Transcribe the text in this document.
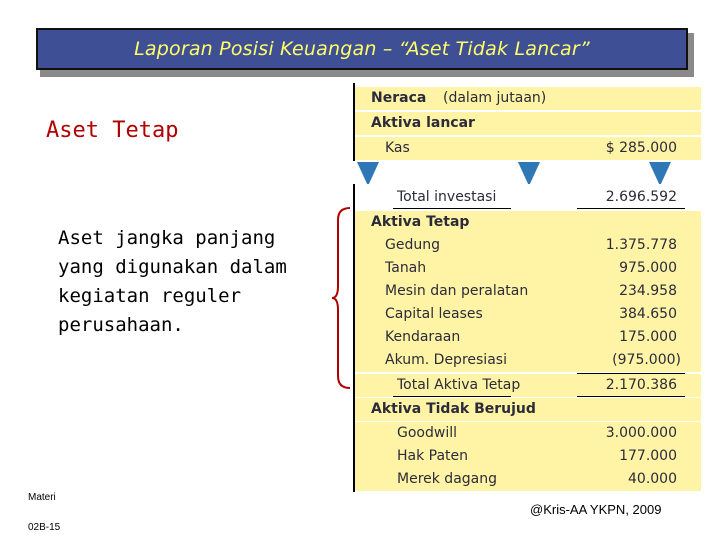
Laporan Posisi Keuangan – “Aset Tidak Lancar”
Aset Tetap
Aset jangka panjang yang digunakan dalam kegiatan reguler perusahaan.
Neraca (dalam jutaan)
Aktiva lancar
Kas	$ 285.000
Total investasi	2.696.592
Aktiva Tetap
Gedung	1.375.778
Tanah	975.000
Mesin dan peralatan	234.958
Capital leases	384.650
Kendaraan	175.000
Akum. Depresiasi	(975.000)
Total Aktiva Tetap	2.170.386
Aktiva Tidak Berujud
Goodwill	3.000.000
Hak Paten	177.000
Merek dagang	40.000
Materi
02B-15
@Kris-AA YKPN, 2009
